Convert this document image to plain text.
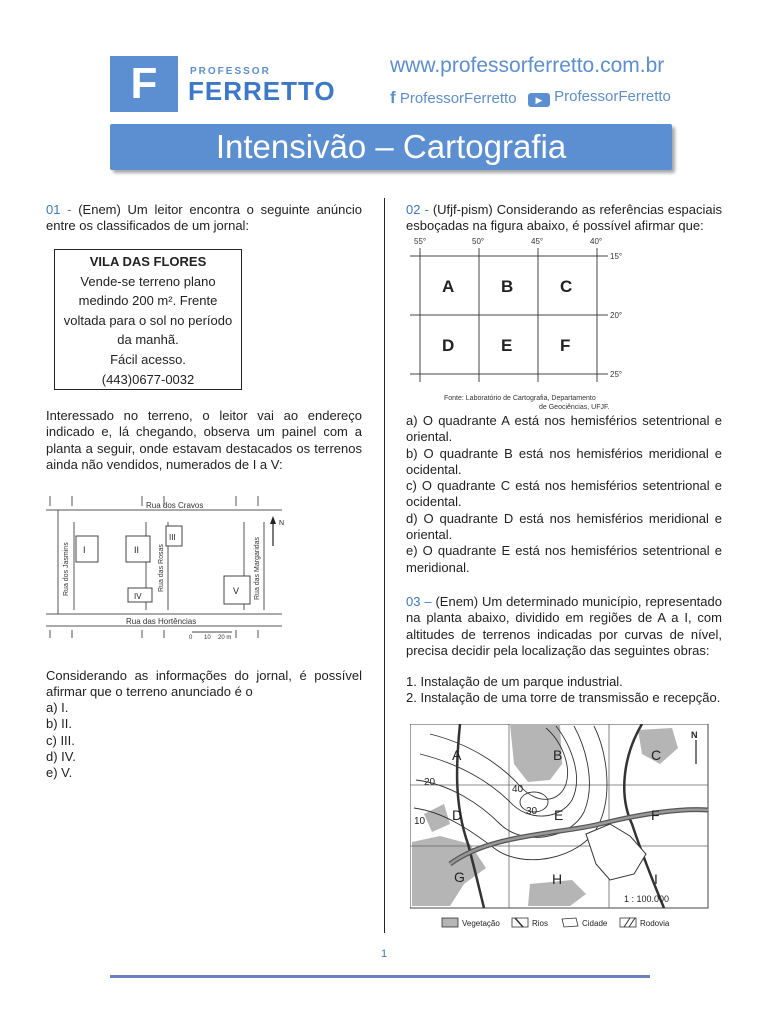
F	PROFESSOR
FERRETTO
www.professorferretto.com.br
f ProfessorFerretto	▶ ProfessorFerretto
Intensivão – Cartografia
01 - (Enem) Um leitor encontra o seguinte anúncio entre os classificados de um jornal:
VILA DAS FLORES
Vende-se terreno plano
medindo 200 m². Frente
voltada para o sol no período
da manhã.
Fácil acesso.
(443)0677-0032
Interessado no terreno, o leitor vai ao endereço indicado e, lá chegando, observa um painel com a planta a seguir, onde estavam destacados os terrenos ainda não vendidos, numerados de I a V:
Rua dos Cravos
Rua das Hortências
Rua dos Jasmins	Rua das Rosas	Rua das Margaridas
I	II
III
IV
V
N
0 10 20 m
Considerando as informações do jornal, é possível afirmar que o terreno anunciado é o
a) I.
b) II.
c) III.
d) IV.
e) V.
02 - (Ufjf-pism) Considerando as referências espaciais esboçadas na figura abaixo, é possível afirmar que:
55°	50°	45°	40°
15°
20°
25°
A	B	C
D	E	F
Fonte: Laboratório de Cartografia, Departamento
de Geociências, UFJF.
a) O quadrante A está nos hemisférios setentrional e oriental.
b) O quadrante B está nos hemisférios meridional e ocidental.
c) O quadrante C está nos hemisférios setentrional e ocidental.
d) O quadrante D está nos hemisférios meridional e oriental.
e) O quadrante E está nos hemisférios setentrional e meridional.
03 – (Enem) Um determinado município, representado na planta abaixo, dividido em regiões de A a I, com altitudes de terrenos indicadas por curvas de nível, precisa decidir pela localização das seguintes obras:
1. Instalação de um parque industrial.
2. Instalação de uma torre de transmissão e recepção.
N
A	B	C
D	E	F
G	H	I
20
40
30
10
1 : 100.000
Vegetação	Rios	Cidade	Rodovia
1
